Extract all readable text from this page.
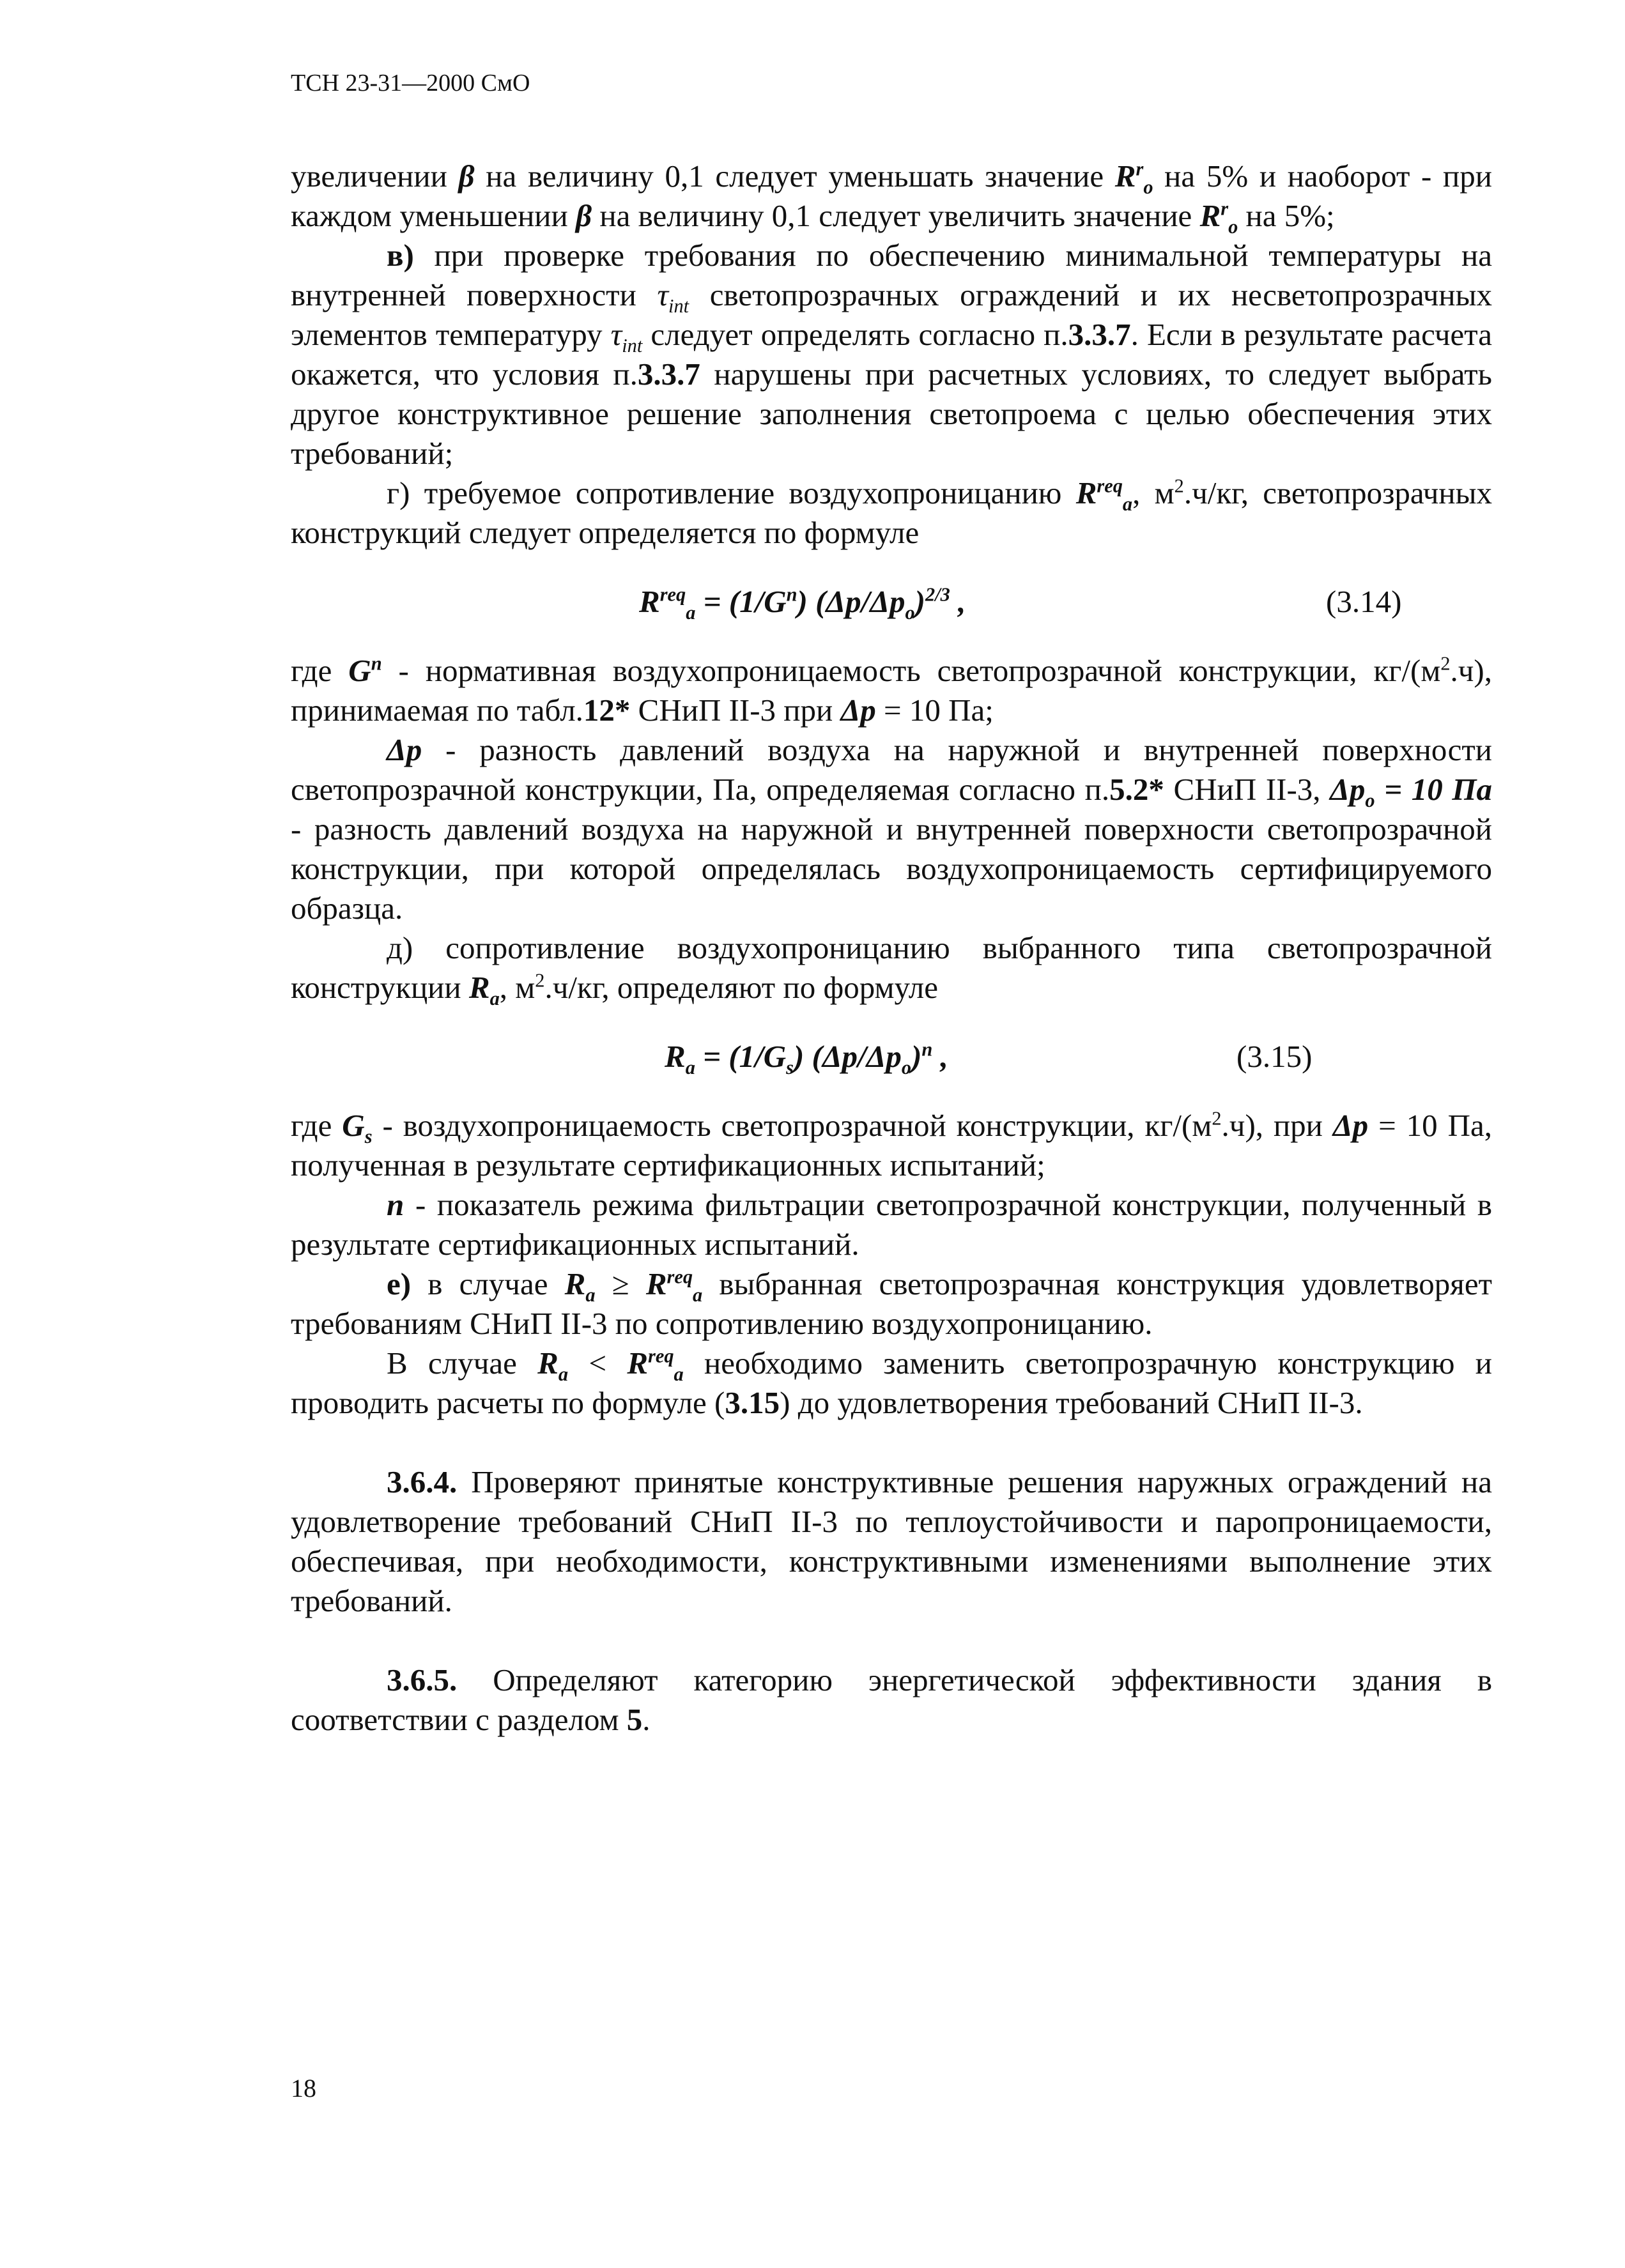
ТСН 23-31—2000 СмО

увеличении β на величину 0,1 следует уменьшать значение $R^r_o$ на 5% и наоборот - при каждом уменьшении β на величину 0,1 следует увеличить значение $R^r_o$ на 5%;

в) при проверке требования по обеспечению минимальной температуры на внутренней поверхности $\tau_{int}$ светопрозрачных ограждений и их несветопрозрачных элементов температуру $\tau_{int}$ следует определять согласно п.3.3.7. Если в результате расчета окажется, что условия п.3.3.7 нарушены при расчетных условиях, то следует выбрать другое конструктивное решение заполнения светопроема с целью обеспечения этих требований;

г) требуемое сопротивление воздухопроницанию $R^{req}_a$, $м^2.ч/кг$, светопрозрачных конструкций следует определяется по формуле

$R^{req}_a = (1/G^n)$ $(\Delta p/\Delta p_o)^{2/3}$ ,	(3.14)

где $G^n$ - нормативная воздухопроницаемость светопрозрачной конструкции, $кг/(м^2.ч)$, принимаемая по табл.12* СНиП II-3 при Δp = 10 Па;

Δp - разность давлений воздуха на наружной и внутренней поверхности светопрозрачной конструкции, Па, определяемая согласно п.5.2* СНиП II-3, $\Delta p_o = 10$ Па - разность давлений воздуха на наружной и внутренней поверхности светопрозрачной конструкции, при которой определялась воздухопроницаемость сертифицируемого образца.

д) сопротивление воздухопроницанию выбранного типа светопрозрачной конструкции $R_a$, $м^2.ч/кг$, определяют по формуле

$R_a = (1/G_s)$ $(\Delta p/\Delta p_o)^n$ ,	(3.15)

где $G_s$ - воздухопроницаемость светопрозрачной конструкции, $кг/(м^2.ч)$, при Δp = 10 Па, полученная в результате сертификационных испытаний;

n - показатель режима фильтрации светопрозрачной конструкции, полученный в результате сертификационных испытаний.

е) в случае $R_a \ge R^{req}_a$ выбранная светопрозрачная конструкция удовлетворяет требованиям СНиП II-3 по сопротивлению воздухопроницанию.

В случае $R_a < R^{req}_a$ необходимо заменить светопрозрачную конструкцию и проводить расчеты по формуле (3.15) до удовлетворения требований СНиП II-3.

3.6.4. Проверяют принятые конструктивные решения наружных ограждений на удовлетворение требований СНиП II-3 по теплоустойчивости и паропроницаемости, обеспечивая, при необходимости, конструктивными изменениями выполнение этих требований.

3.6.5. Определяют категорию энергетической эффективности здания в соответствии с разделом 5.

18
